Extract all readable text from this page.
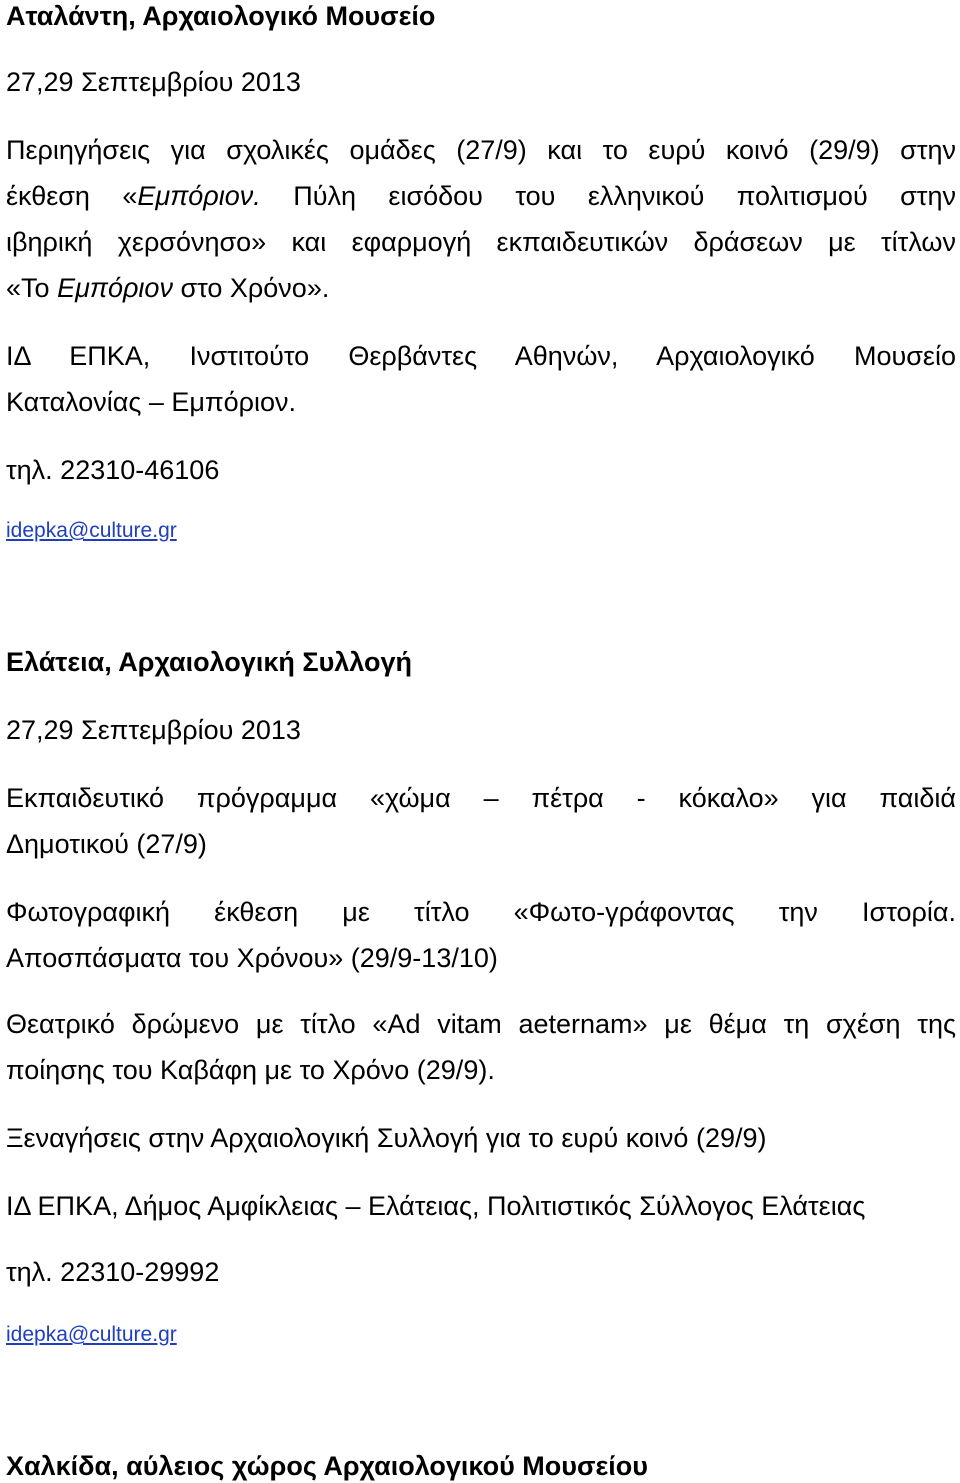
Αταλάντη, Αρχαιολογικό Μουσείο
27,29 Σεπτεμβρίου 2013
Περιηγήσεις για σχολικές ομάδες (27/9) και το ευρύ κοινό (29/9) στην
έκθεση «Εμπόριον. Πύλη εισόδου του ελληνικού πολιτισμού στην
ιβηρική χερσόνησο» και εφαρμογή εκπαιδευτικών δράσεων με τίτλων
«Το Εμπόριον στο Χρόνο».
ΙΔ ΕΠΚΑ, Ινστιτούτο Θερβάντες Αθηνών, Αρχαιολογικό Μουσείο
Καταλονίας – Εμπόριον.
τηλ. 22310-46106
idepka@culture.gr
Ελάτεια, Αρχαιολογική Συλλογή
27,29 Σεπτεμβρίου 2013
Εκπαιδευτικό πρόγραμμα «χώμα – πέτρα - κόκαλο» για παιδιά
Δημοτικού (27/9)
Φωτογραφική έκθεση με τίτλο «Φωτο-γράφοντας την Ιστορία.
Αποσπάσματα του Χρόνου» (29/9-13/10)
Θεατρικό δρώμενο με τίτλο «Ad vitam aeternam» με θέμα τη σχέση της
ποίησης του Καβάφη με το Χρόνο (29/9).
Ξεναγήσεις στην Αρχαιολογική Συλλογή για το ευρύ κοινό (29/9)
ΙΔ ΕΠΚΑ, Δήμος Αμφίκλειας – Ελάτειας, Πολιτιστικός Σύλλογος Ελάτειας
τηλ. 22310-29992
idepka@culture.gr
Χαλκίδα, αύλειος χώρος Αρχαιολογικού Μουσείου
